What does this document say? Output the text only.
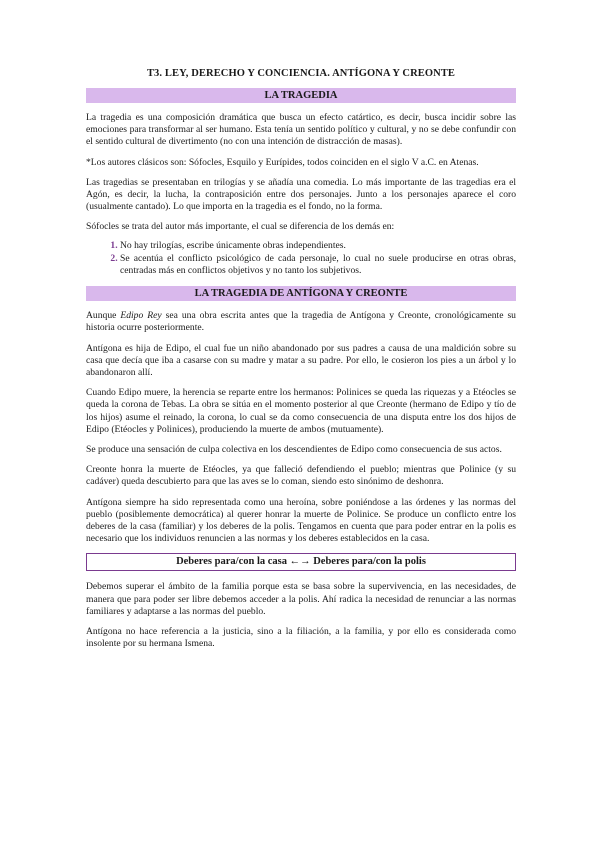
T3. LEY, DERECHO Y CONCIENCIA. ANTÍGONA Y CREONTE
LA TRAGEDIA

La tragedia es una composición dramática que busca un efecto catártico, es decir, busca incidir sobre las emociones para transformar al ser humano. Esta tenía un sentido político y cultural, y no se debe confundir con el sentido cultural de divertimento (no con una intención de distracción de masas).

*Los autores clásicos son: Sófocles, Esquilo y Eurípides, todos coinciden en el siglo V a.C. en Atenas.

Las tragedias se presentaban en trilogías y se añadía una comedia. Lo más importante de las tragedias era el Agón, es decir, la lucha, la contraposición entre dos personajes. Junto a los personajes aparece el coro (usualmente cantado). Lo que importa en la tragedia es el fondo, no la forma.

Sófocles se trata del autor más importante, el cual se diferencia de los demás en:

1. No hay trilogías, escribe únicamente obras independientes.
2. Se acentúa el conflicto psicológico de cada personaje, lo cual no suele producirse en otras obras, centradas más en conflictos objetivos y no tanto los subjetivos.
LA TRAGEDIA DE ANTÍGONA Y CREONTE

Aunque Edipo Rey sea una obra escrita antes que la tragedia de Antígona y Creonte, cronológicamente su historia ocurre posteriormente.

Antígona es hija de Edipo, el cual fue un niño abandonado por sus padres a causa de una maldición sobre su casa que decía que iba a casarse con su madre y matar a su padre. Por ello, le cosieron los pies a un árbol y lo abandonaron allí.

Cuando Edipo muere, la herencia se reparte entre los hermanos: Polinices se queda las riquezas y a Etéocles se queda la corona de Tebas. La obra se sitúa en el momento posterior al que Creonte (hermano de Edipo y tío de los hijos) asume el reinado, la corona, lo cual se da como consecuencia de una disputa entre los dos hijos de Edipo (Etéocles y Polinices), produciendo la muerte de ambos (mutuamente).

Se produce una sensación de culpa colectiva en los descendientes de Edipo como consecuencia de sus actos.

Creonte honra la muerte de Etéocles, ya que falleció defendiendo el pueblo; mientras que Polinice (y su cadáver) queda descubierto para que las aves se lo coman, siendo esto sinónimo de deshonra.

Antígona siempre ha sido representada como una heroína, sobre poniéndose a las órdenes y las normas del pueblo (posiblemente democrática) al querer honrar la muerte de Polinice. Se produce un conflicto entre los deberes de la casa (familiar) y los deberes de la polis. Tengamos en cuenta que para poder entrar en la polis es necesario que los individuos renuncien a las normas y los deberes establecidos en la casa.

Deberes para/con la casa ←→ Deberes para/con la polis

Debemos superar el ámbito de la familia porque esta se basa sobre la supervivencia, en las necesidades, de manera que para poder ser libre debemos acceder a la polis. Ahí radica la necesidad de renunciar a las normas familiares y adaptarse a las normas del pueblo.

Antígona no hace referencia a la justicia, sino a la filiación, a la familia, y por ello es considerada como insolente por su hermana Ismena.
